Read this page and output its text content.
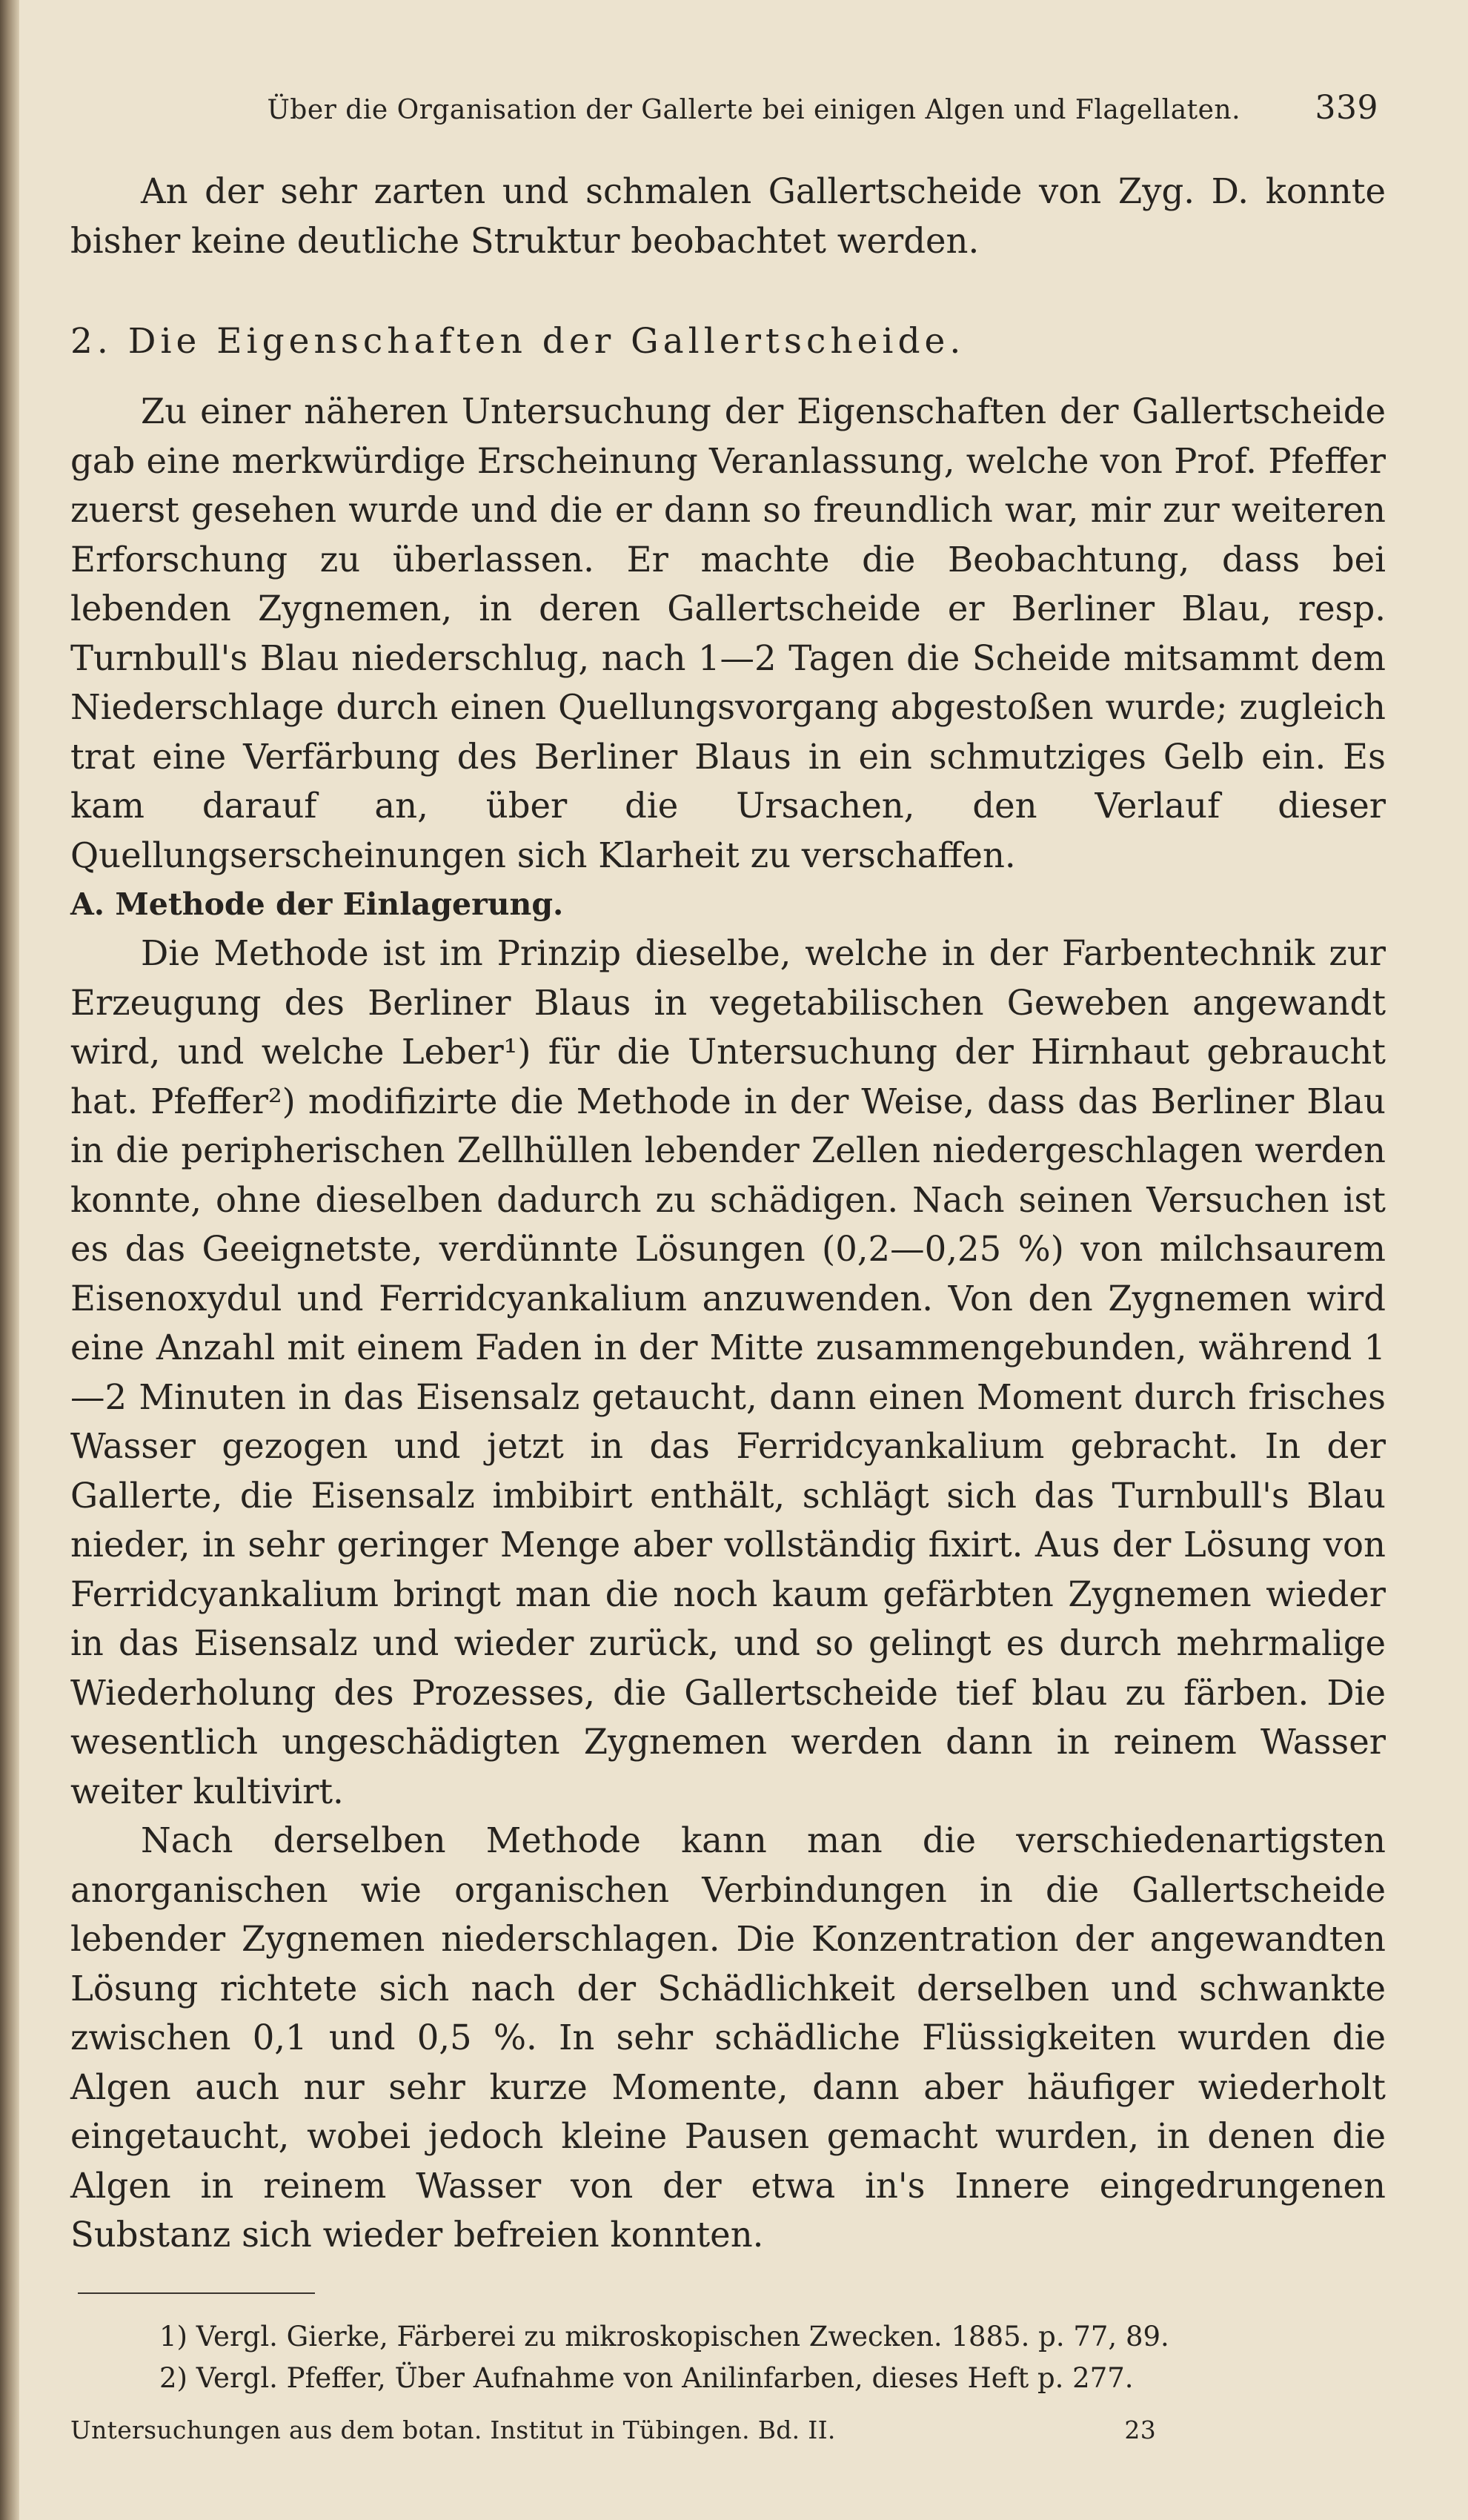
Über die Organisation der Gallerte bei einigen Algen und Flagellaten.	339

An der sehr zarten und schmalen Gallertscheide von Zyg. D. konnte bisher keine deutliche Struktur beobachtet werden.

2. Die Eigenschaften der Gallertscheide.

Zu einer näheren Untersuchung der Eigenschaften der Gallertscheide gab eine merkwürdige Erscheinung Veranlassung, welche von Prof. Pfeffer zuerst gesehen wurde und die er dann so freundlich war, mir zur weiteren Erforschung zu überlassen. Er machte die Beobachtung, dass bei lebenden Zygnemen, in deren Gallertscheide er Berliner Blau, resp. Turnbull's Blau niederschlug, nach 1—2 Tagen die Scheide mitsammt dem Niederschlage durch einen Quellungsvorgang abgestoßen wurde; zugleich trat eine Verfärbung des Berliner Blaus in ein schmutziges Gelb ein. Es kam darauf an, über die Ursachen, den Verlauf dieser Quellungserscheinungen sich Klarheit zu verschaffen.

A. Methode der Einlagerung.

Die Methode ist im Prinzip dieselbe, welche in der Farbentechnik zur Erzeugung des Berliner Blaus in vegetabilischen Geweben angewandt wird, und welche Leber¹) für die Untersuchung der Hirnhaut gebraucht hat. Pfeffer²) modifizirte die Methode in der Weise, dass das Berliner Blau in die peripherischen Zellhüllen lebender Zellen niedergeschlagen werden konnte, ohne dieselben dadurch zu schädigen. Nach seinen Versuchen ist es das Geeignetste, verdünnte Lösungen (0,2—0,25 %) von milchsaurem Eisenoxydul und Ferridcyankalium anzuwenden. Von den Zygnemen wird eine Anzahl mit einem Faden in der Mitte zusammengebunden, während 1—2 Minuten in das Eisensalz getaucht, dann einen Moment durch frisches Wasser gezogen und jetzt in das Ferridcyankalium gebracht. In der Gallerte, die Eisensalz imbibirt enthält, schlägt sich das Turnbull's Blau nieder, in sehr geringer Menge aber vollständig fixirt. Aus der Lösung von Ferridcyankalium bringt man die noch kaum gefärbten Zygnemen wieder in das Eisensalz und wieder zurück, und so gelingt es durch mehrmalige Wiederholung des Prozesses, die Gallertscheide tief blau zu färben. Die wesentlich ungeschädigten Zygnemen werden dann in reinem Wasser weiter kultivirt.

Nach derselben Methode kann man die verschiedenartigsten anorganischen wie organischen Verbindungen in die Gallertscheide lebender Zygnemen niederschlagen. Die Konzentration der angewandten Lösung richtete sich nach der Schädlichkeit derselben und schwankte zwischen 0,1 und 0,5 %. In sehr schädliche Flüssigkeiten wurden die Algen auch nur sehr kurze Momente, dann aber häufiger wiederholt eingetaucht, wobei jedoch kleine Pausen gemacht wurden, in denen die Algen in reinem Wasser von der etwa in's Innere eingedrungenen Substanz sich wieder befreien konnten.

1) Vergl. Gierke, Färberei zu mikroskopischen Zwecken. 1885. p. 77, 89.

2) Vergl. Pfeffer, Über Aufnahme von Anilinfarben, dieses Heft p. 277.

Untersuchungen aus dem botan. Institut in Tübingen. Bd. II.	23
